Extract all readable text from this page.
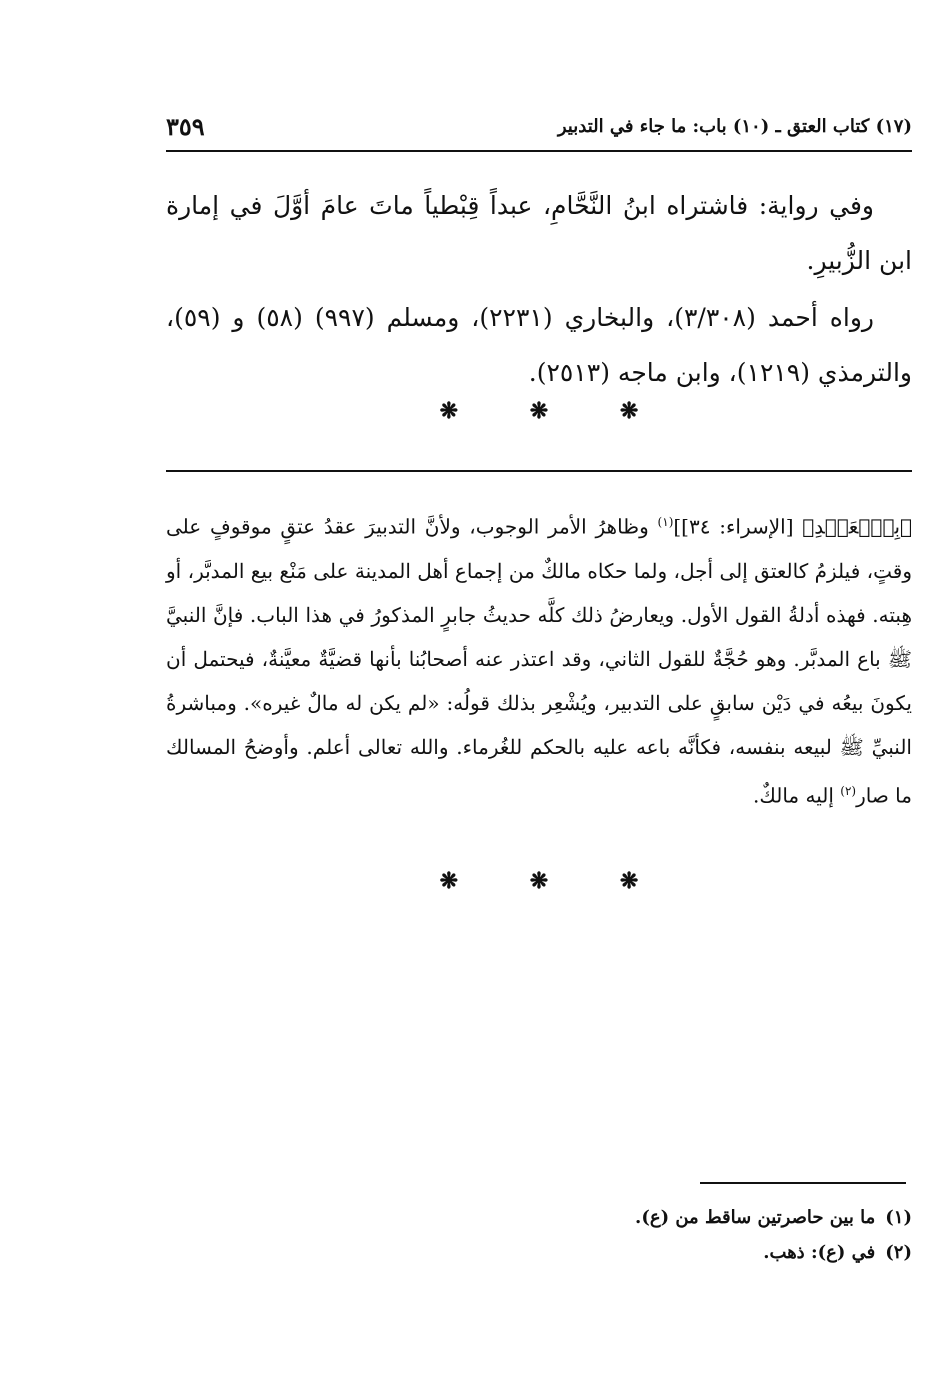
(١٧) كتاب العتق ـ (١٠) باب: ما جاء في التدبير
٣٥٩
وفي رواية: فاشتراه ابنُ النَّحَّامِ، عبداً قِبْطياً ماتَ عامَ أوَّلَ في إمارة ابن الزُّبيرِ.
رواه أحمد (٣/٣٠٨)، والبخاري (٢٢٣١)، ومسلم (٩٩٧) (٥٨) و (٥٩)، والترمذي (١٢١٩)، وابن ماجه (٢٥١٣).
❋ ❋ ❋
﴿بِٱلۡعَهۡدِ﴾ [الإسراء: ٣٤]]$^{(١)}$ وظاهرُ الأمر الوجوب، ولأنَّ التدبيرَ عقدُ عتقٍ موقوفٍ على وقتٍ، فيلزمُ كالعتق إلى أجل، ولما حكاه مالكٌ من إجماع أهل المدينة على مَنْع بيع المدبَّر، أو هِبته. فهذه أدلةُ القول الأول. ويعارضُ ذلك كلَّه حديثُ جابرٍ المذكورُ في هذا الباب. فإنَّ النبيَّ ﷺ باع المدبَّر. وهو حُجَّةٌ للقول الثاني، وقد اعتذر عنه أصحابُنا بأنها قضيَّةٌ معيَّنةٌ، فيحتمل أن يكونَ بيعُه في دَيْن سابقٍ على التدبير، ويُشْعِر بذلك قولُه: «لم يكن له مالٌ غيره». ومباشرةُ النبيِّ ﷺ لبيعه بنفسه، فكأنَّه باعه عليه بالحكم للغُرماء. والله تعالى أعلم. وأوضحُ المسالك ما صار$^{(٢)}$ إليه مالكٌ.
❋ ❋ ❋
(١)ما بين حاصرتين ساقط من (ع).
(٢)في (ع): ذهب.
